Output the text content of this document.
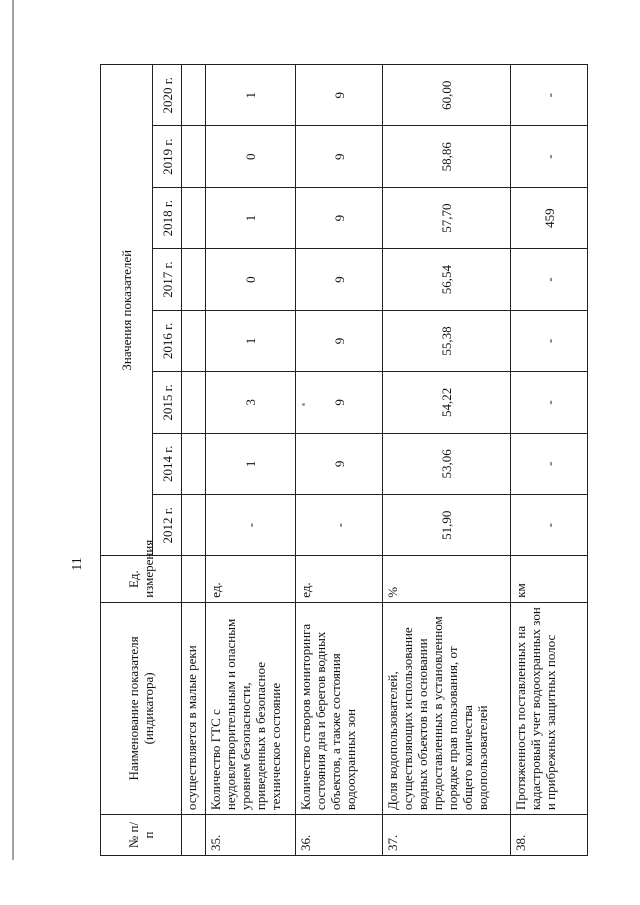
11
№ п/п	Наименование показателя (индикатора)	Ед. измерения	Значения показателей							
			2012 г.	2014 г.	2015 г.	2016 г.	2017 г.	2018 г.	2019 г.	2020 г.
	осуществляется в малые реки									
35.	Количество ГТС с неудовлетворительным и опасным уровнем безопасности, приведенных в безопасное техническое состояние	ед.	-	1	3	1	0	1	0	1
36.	Количество створов мониторинга состояния дна и берегов водных объектов, а также состояния водоохранных зон	ед.	-	9	9	9	9	9	9	9
37.	Доля водопользователей, осуществляющих использование водных объектов на основании предоставленных в установленном порядке прав пользования, от общего количества водопользователей	%	51,90	53,06	54,22	55,38	56,54	57,70	58,86	60,00
38.	Протяженность поставленных на кадастровый учет водоохранных зон и прибрежных защитных полос	км	-	-	-	-	-	459	-	-
